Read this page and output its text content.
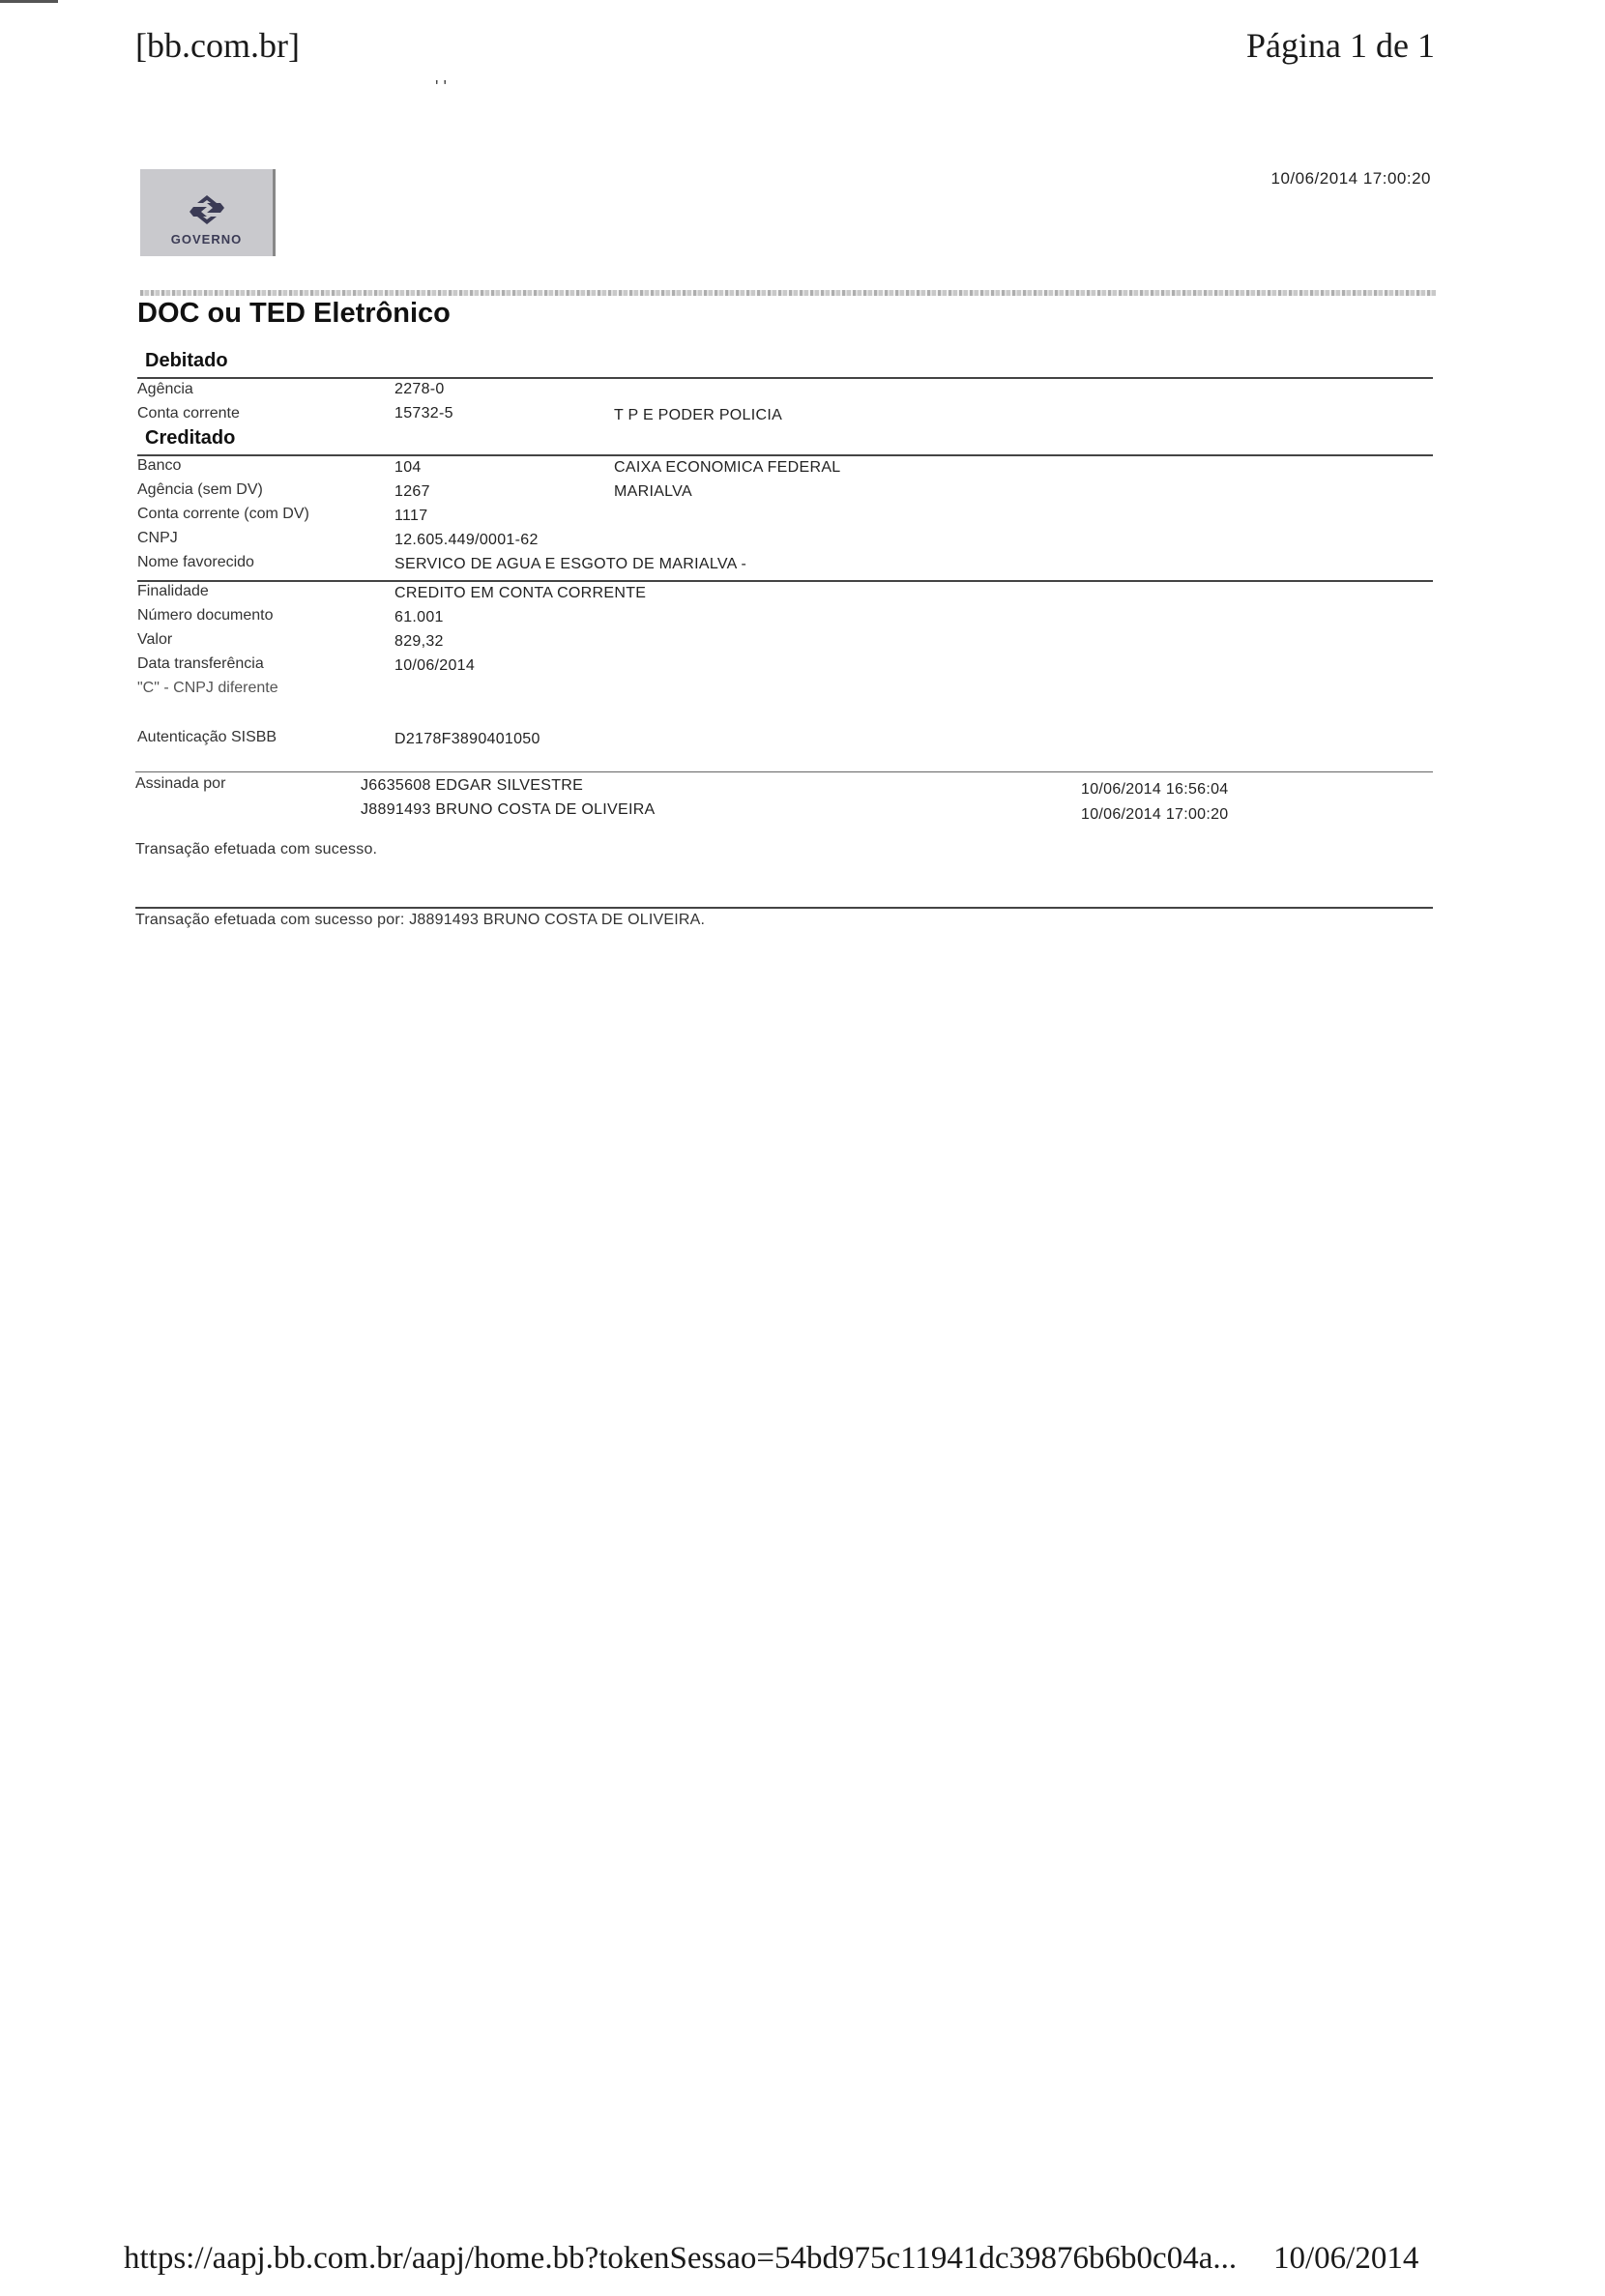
[bb.com.br]	Página 1 de 1
' '
GOVERNO
10/06/2014 17:00:20
DOC ou TED Eletrônico
Debitado
Agência	2278-0
Conta corrente	15732-5	T P E PODER POLICIA
Creditado
Banco	104	CAIXA ECONOMICA FEDERAL
Agência (sem DV)	1267	MARIALVA
Conta corrente (com DV)	1117
CNPJ	12.605.449/0001-62
Nome favorecido	SERVICO DE AGUA E ESGOTO DE MARIALVA -
Finalidade	CREDITO EM CONTA CORRENTE
Número documento	61.001
Valor	829,32
Data transferência	10/06/2014
"C" - CNPJ diferente
Autenticação SISBB	D2178F3890401050
Assinada por	J6635608 EDGAR SILVESTRE	10/06/2014 16:56:04
J8891493 BRUNO COSTA DE OLIVEIRA	10/06/2014 17:00:20
Transação efetuada com sucesso.
Transação efetuada com sucesso por: J8891493 BRUNO COSTA DE OLIVEIRA.
https://aapj.bb.com.br/aapj/home.bb?tokenSessao=54bd975c11941dc39876b6b0c04a... 10/06/2014
